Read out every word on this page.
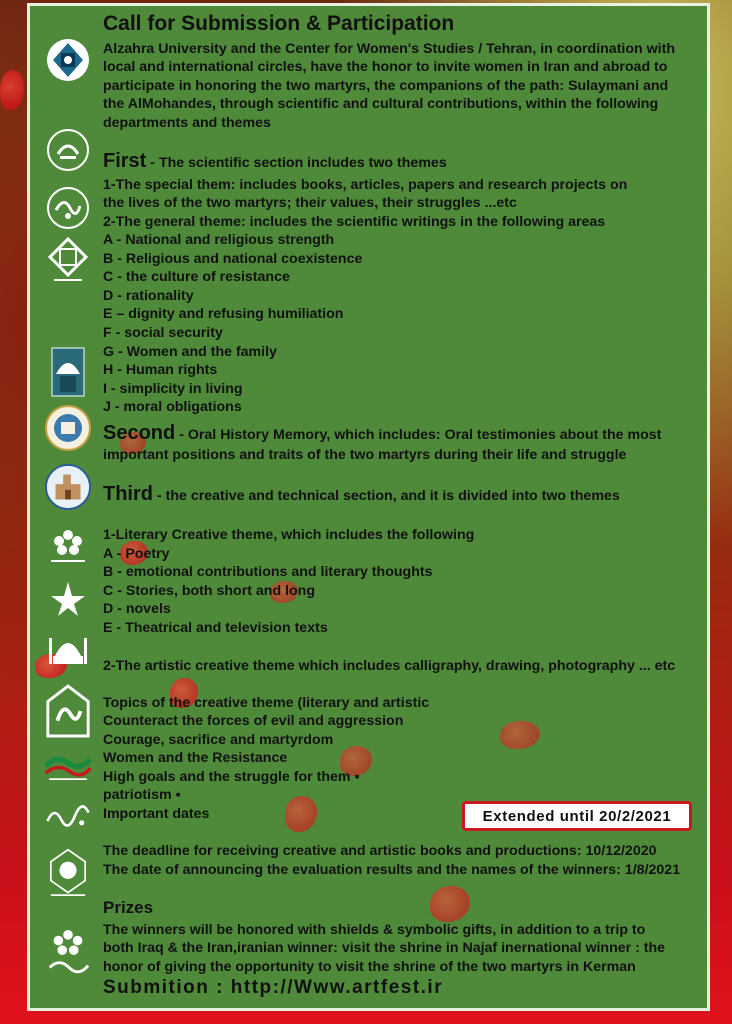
Call for Submission & Participation
Alzahra University and the Center for Women's Studies / Tehran, in coordination with
local and international circles, have the honor to invite women in Iran and abroad to
participate in honoring the two martyrs, the companions of the path: Sulaymani and
the AlMohandes, through scientific and cultural contributions, within the following
departments and themes
First - The scientific section includes two themes
1-The special them: includes books, articles, papers and research projects on
the lives of the two martyrs; their values, their struggles ...etc
2-The general theme: includes the scientific writings in the following areas
A - National and religious strength
B - Religious and national coexistence
C - the culture of resistance
D - rationality
E – dignity and refusing humiliation
F - social security
G - Women and the family
H - Human rights
I - simplicity in living
J - moral obligations
Second - Oral History Memory, which includes: Oral testimonies about the most
important positions and traits of the two martyrs during their life and struggle
Third - the creative and technical section, and it is divided into two themes
1-Literary Creative theme, which includes the following
A - Poetry
B - emotional contributions and literary thoughts
C - Stories, both short and long
D - novels
E - Theatrical and television texts
2-The artistic creative theme which includes calligraphy, drawing, photography ... etc
Topics of the creative theme (literary and artistic
Counteract the forces of evil and aggression
Courage, sacrifice and martyrdom
Women and the Resistance
High goals and the struggle for them ▪
patriotism ▪
Important dates
The deadline for receiving creative and artistic books and productions: 10/12/2020
The date of announcing the evaluation results and the names of the winners: 1/8/2021
Prizes
The winners will be honored with shields & symbolic gifts, in addition to a trip to
both Iraq & the Iran,iranian winner: visit the shrine in Najaf inernational winner : the
honor of giving the opportunity to visit the shrine of the two martyrs in Kerman
Submition : http://Www.artfest.ir
Extended until 20/2/2021
